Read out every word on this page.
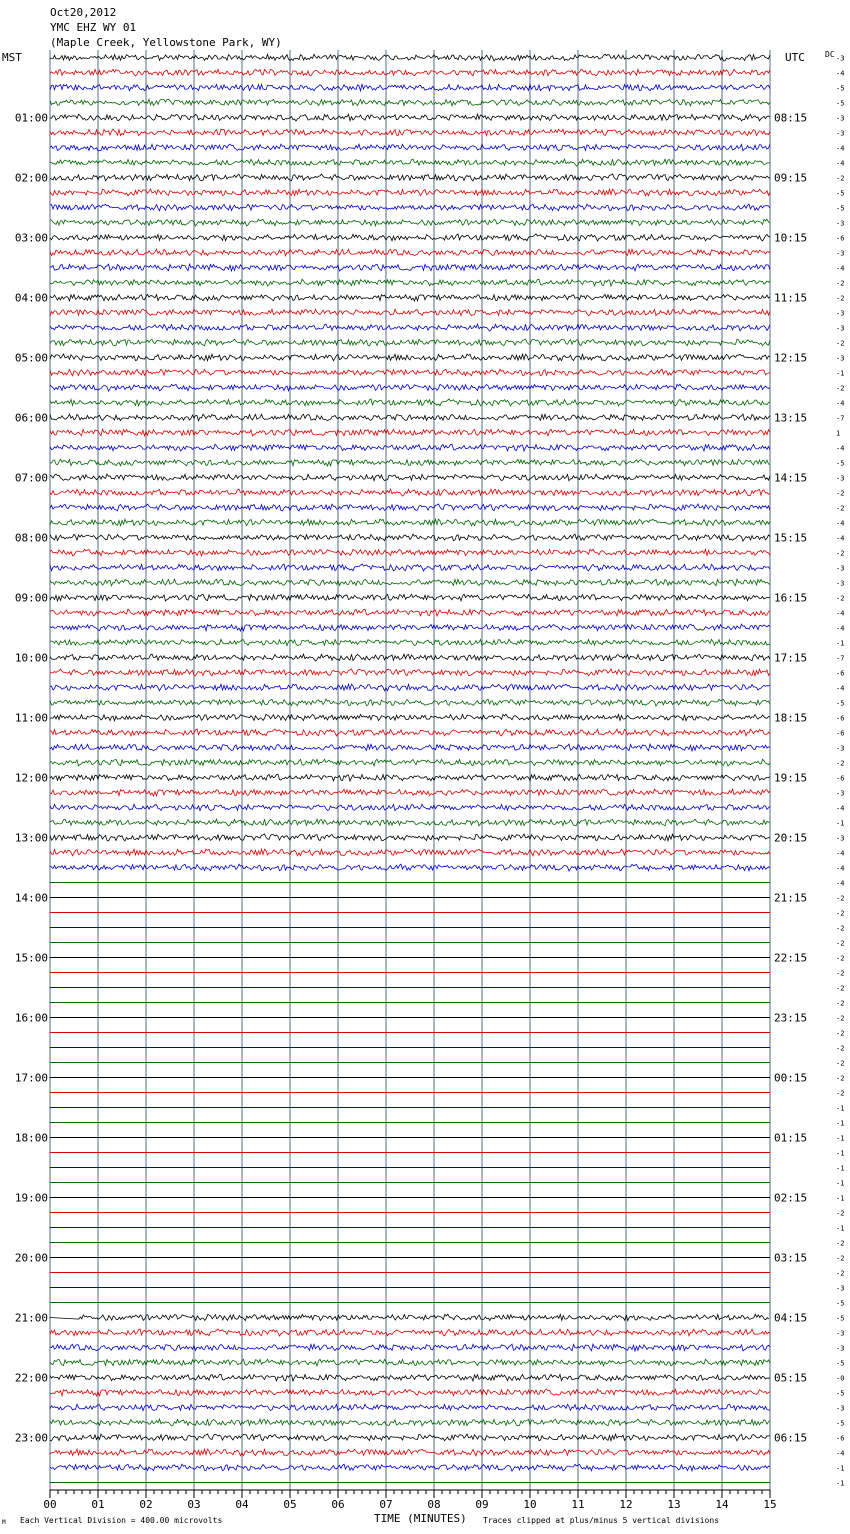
Oct20,2012
YMC EHZ WY 01
(Maple Creek, Yellowstone Park, WY)
MST	UTC	DC
01:00
02:00
03:00
04:00
05:00
06:00
07:00
08:00
09:00
10:00
11:00
12:00
13:00
14:00
15:00
16:00
17:00
18:00
19:00
20:00
21:00
22:00
23:00
08:15
09:15
10:15
11:15
12:15
13:15
14:15
15:15
16:15
17:15
18:15
19:15
20:15
21:15
22:15
23:15
00:15
01:15
02:15
03:15
04:15
05:15
06:15
-3
-4
-5
-5
-3
-3
-4
-4
-2
-5
-5
-3
-6
-3
-4
-2
-2
-3
-3
-2
-3
-1
-2
-4
-7
1
-4
-5
-3
-2
-2
-4
-4
-2
-3
-3
-2
-4
-4
-1
-7
-6
-4
-5
-6
-6
-3
-2
-6
-3
-4
-1
-3
-4
-4
-4
-2
-2
-2
-2
-2
-2
-2
-2
-2
-2
-2
-2
-2
-2
-1
-1
-1
-1
-1
-1
-1
-2
-1
-2
-2
-2
-3
-5
-5
-3
-3
-5
-0
-5
-3
-5
-6
-4
-1
-1
00	01	02	03	04	05	06	07	08	09	10	11	12	13	14	15
M Each Vertical Division = 400.00 microvolts	TIME (MINUTES) Traces clipped at plus/minus 5 vertical divisions
